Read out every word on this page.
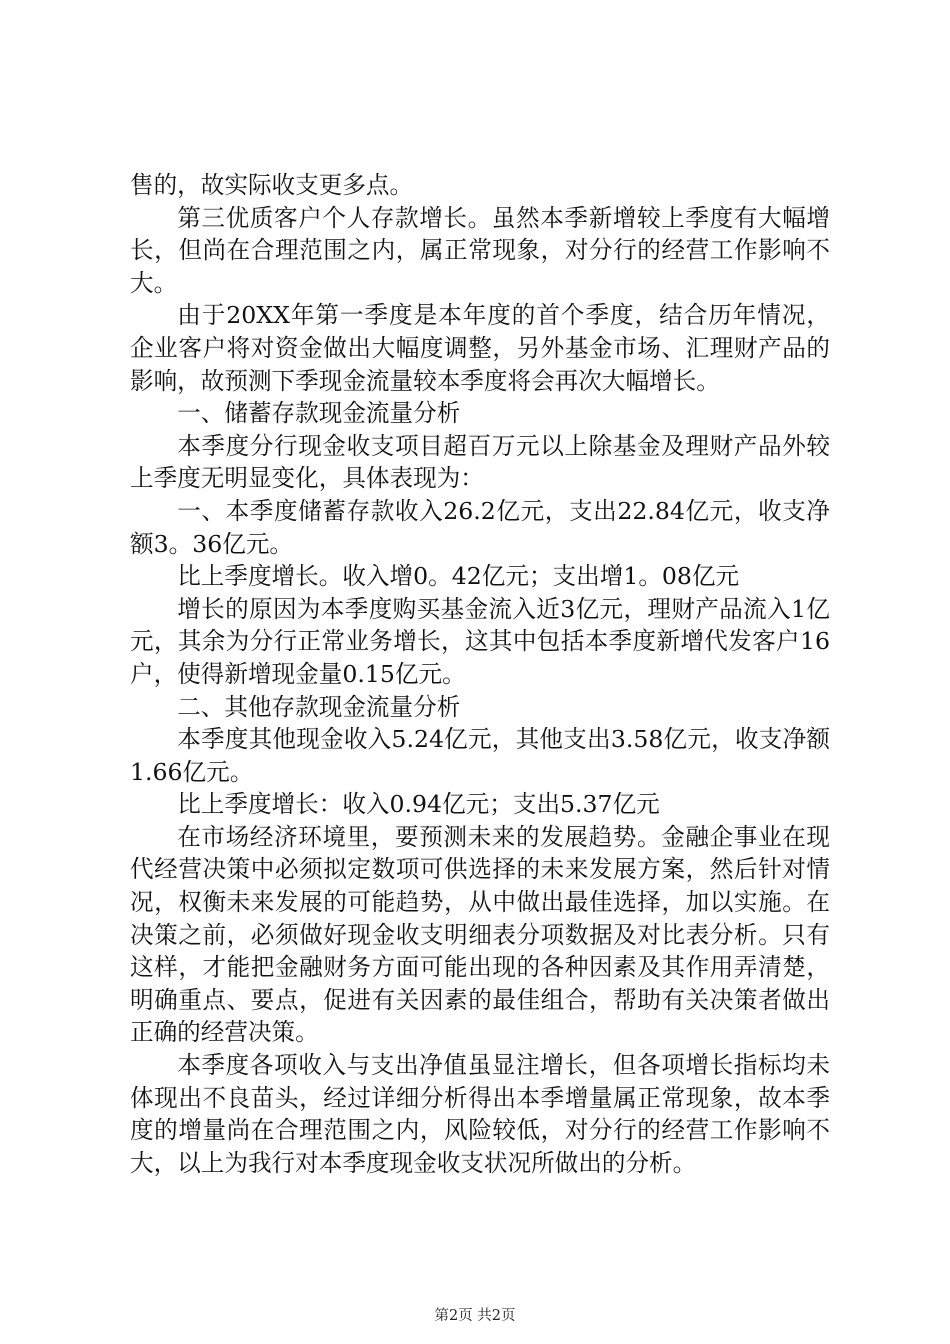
售的，故实际收支更多点。

第三优质客户个人存款增长。虽然本季新增较上季度有大幅增长，但尚在合理范围之内，属正常现象，对分行的经营工作影响不大。

由于20XX年第一季度是本年度的首个季度，结合历年情况，企业客户将对资金做出大幅度调整，另外基金市场、汇理财产品的影响，故预测下季现金流量较本季度将会再次大幅增长。

一、储蓄存款现金流量分析

本季度分行现金收支项目超百万元以上除基金及理财产品外较上季度无明显变化，具体表现为：

一、本季度储蓄存款收入26.2亿元，支出22.84亿元，收支净额3。36亿元。

比上季度增长。收入增0。42亿元；支出增1。08亿元

增长的原因为本季度购买基金流入近3亿元，理财产品流入1亿元，其余为分行正常业务增长，这其中包括本季度新增代发客户16户，使得新增现金量0.15亿元。

二、其他存款现金流量分析

本季度其他现金收入5.24亿元，其他支出3.58亿元，收支净额1.66亿元。

比上季度增长：收入0.94亿元；支出5.37亿元

在市场经济环境里，要预测未来的发展趋势。金融企事业在现代经营决策中必须拟定数项可供选择的未来发展方案，然后针对情况，权衡未来发展的可能趋势，从中做出最佳选择，加以实施。在决策之前，必须做好现金收支明细表分项数据及对比表分析。只有这样，才能把金融财务方面可能出现的各种因素及其作用弄清楚，明确重点、要点，促进有关因素的最佳组合，帮助有关决策者做出正确的经营决策。

本季度各项收入与支出净值虽显注增长，但各项增长指标均未体现出不良苗头，经过详细分析得出本季增量属正常现象，故本季度的增量尚在合理范围之内，风险较低，对分行的经营工作影响不大，以上为我行对本季度现金收支状况所做出的分析。

第2页 共2页
